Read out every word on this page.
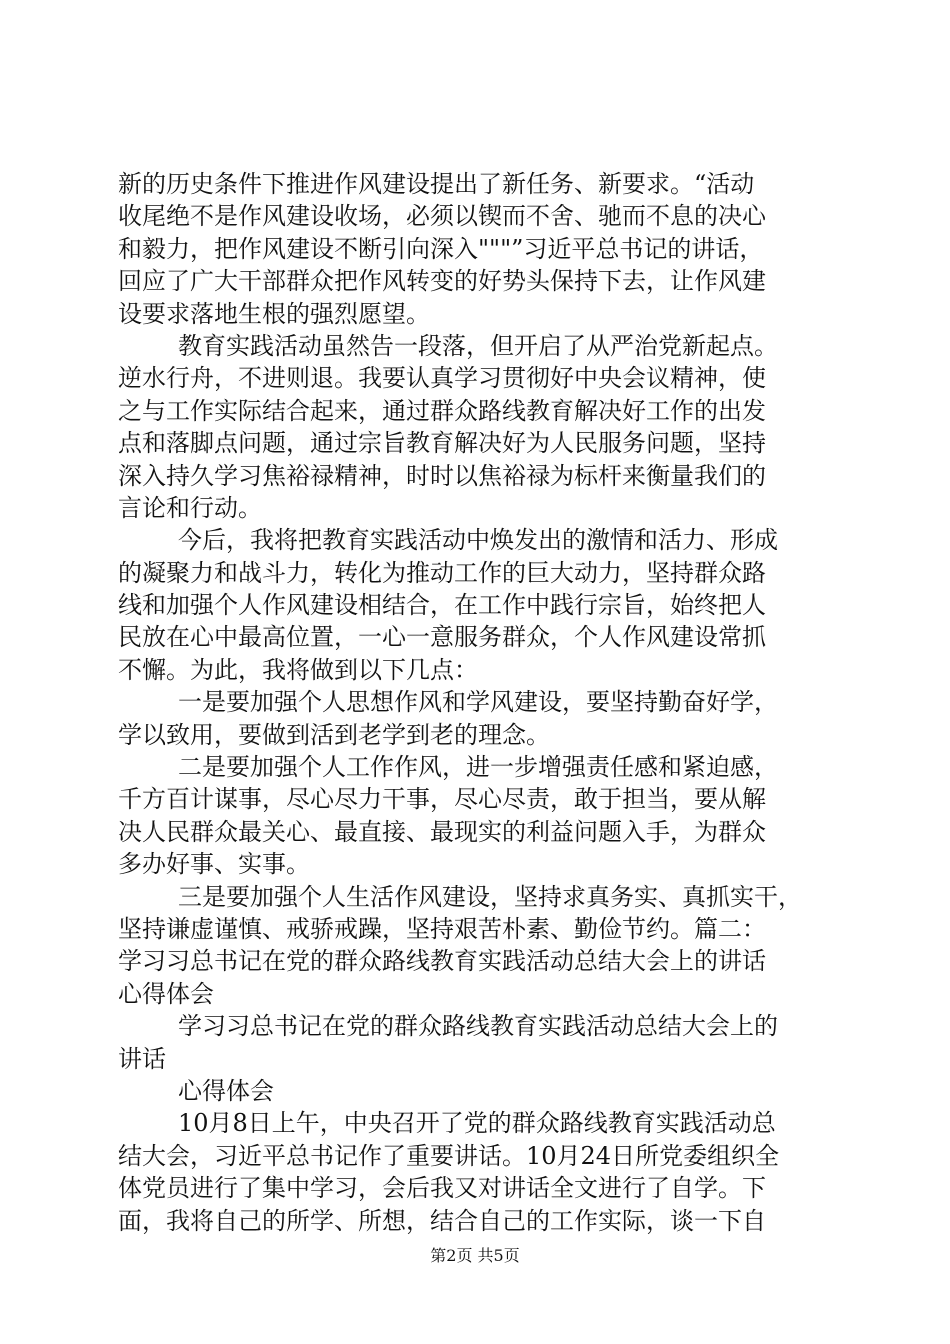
新的历史条件下推进作风建设提出了新任务、新要求。“活动
收尾绝不是作风建设收场，必须以锲而不舍、驰而不息的决心
和毅力，把作风建设不断引向深入"""”习近平总书记的讲话，
回应了广大干部群众把作风转变的好势头保持下去，让作风建
设要求落地生根的强烈愿望。
教育实践活动虽然告一段落，但开启了从严治党新起点。
逆水行舟，不进则退。我要认真学习贯彻好中央会议精神，使
之与工作实际结合起来，通过群众路线教育解决好工作的出发
点和落脚点问题，通过宗旨教育解决好为人民服务问题，坚持
深入持久学习焦裕禄精神，时时以焦裕禄为标杆来衡量我们的
言论和行动。
今后，我将把教育实践活动中焕发出的激情和活力、形成
的凝聚力和战斗力，转化为推动工作的巨大动力，坚持群众路
线和加强个人作风建设相结合，在工作中践行宗旨，始终把人
民放在心中最高位置，一心一意服务群众，个人作风建设常抓
不懈。为此，我将做到以下几点：
一是要加强个人思想作风和学风建设，要坚持勤奋好学，
学以致用，要做到活到老学到老的理念。
二是要加强个人工作作风，进一步增强责任感和紧迫感，
千方百计谋事，尽心尽力干事，尽心尽责，敢于担当，要从解
决人民群众最关心、最直接、最现实的利益问题入手，为群众
多办好事、实事。
三是要加强个人生活作风建设，坚持求真务实、真抓实干，
坚持谦虚谨慎、戒骄戒躁，坚持艰苦朴素、勤俭节约。篇二：
学习习总书记在党的群众路线教育实践活动总结大会上的讲话
心得体会
学习习总书记在党的群众路线教育实践活动总结大会上的
讲话
心得体会
10月8日上午，中央召开了党的群众路线教育实践活动总
结大会，习近平总书记作了重要讲话。10月24日所党委组织全
体党员进行了集中学习，会后我又对讲话全文进行了自学。下
面，我将自己的所学、所想，结合自己的工作实际，谈一下自
第2页 共5页
